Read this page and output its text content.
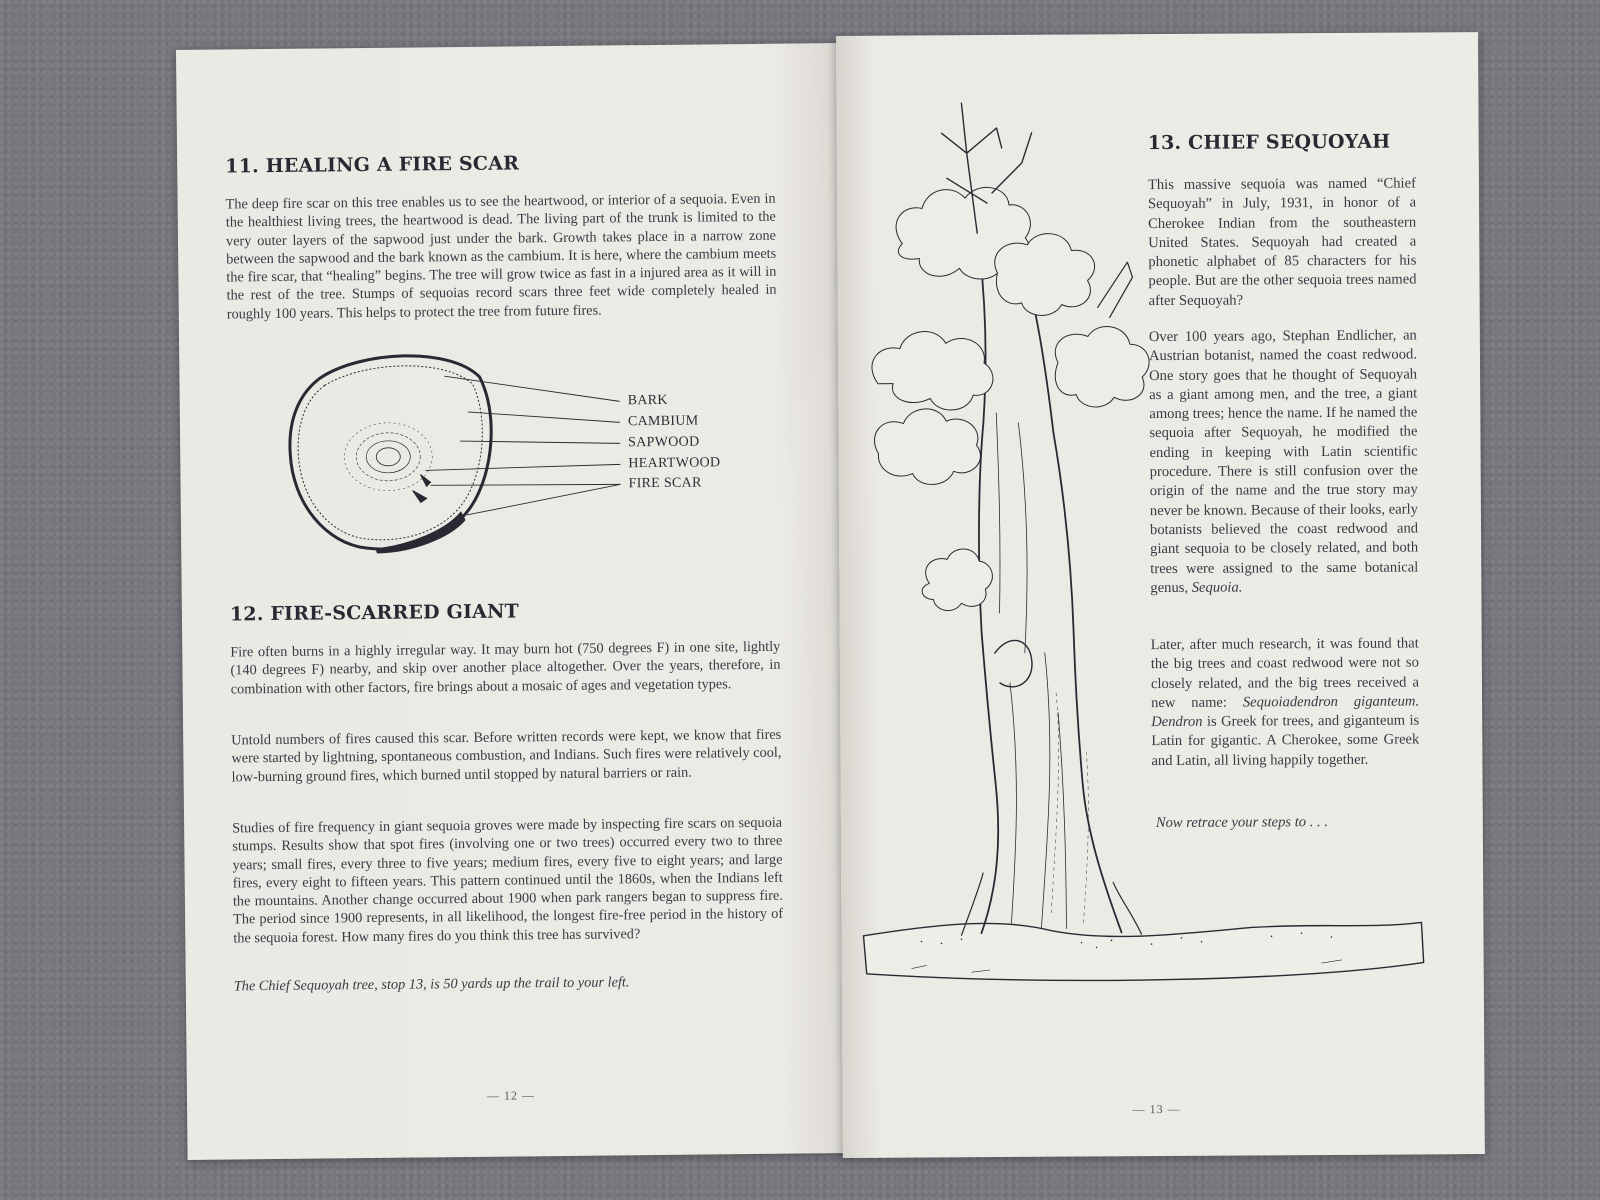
11. HEALING A FIRE SCAR

The deep fire scar on this tree enables us to see the heartwood, or interior of a sequoia. Even in the healthiest living trees, the heartwood is dead. The living part of the trunk is limited to the very outer layers of the sapwood just under the bark. Growth takes place in a narrow zone between the sapwood and the bark known as the cambium. It is here, where the cambium meets the fire scar, that “healing” begins. The tree will grow twice as fast in a injured area as it will in the rest of the tree. Stumps of sequoias record scars three feet wide completely healed in roughly 100 years. This helps to protect the tree from future fires.

BARK
CAMBIUM
SAPWOOD
HEARTWOOD
FIRE SCAR
12. FIRE-SCARRED GIANT

Fire often burns in a highly irregular way. It may burn hot (750 degrees F) in one site, lightly (140 degrees F) nearby, and skip over another place altogether. Over the years, therefore, in combination with other factors, fire brings about a mosaic of ages and vegetation types.

Untold numbers of fires caused this scar. Before written records were kept, we know that fires were started by lightning, spontaneous combustion, and Indians. Such fires were relatively cool, low-burning ground fires, which burned until stopped by natural barriers or rain.

Studies of fire frequency in giant sequoia groves were made by inspecting fire scars on sequoia stumps. Results show that spot fires (involving one or two trees) occurred every two to three years; small fires, every three to five years; medium fires, every five to eight years; and large fires, every eight to fifteen years. This pattern continued until the 1860s, when the Indians left the mountains. Another change occurred about 1900 when park rangers began to suppress fire. The period since 1900 represents, in all likelihood, the longest fire-free period in the history of the sequoia forest. How many fires do you think this tree has survived?

The Chief Sequoyah tree, stop 13, is 50 yards up the trail to your left.

— 12 —
13. CHIEF SEQUOYAH

This massive sequoia was named “Chief Sequoyah” in July, 1931, in honor of a Cherokee Indian from the southeastern United States. Sequoyah had created a phonetic alphabet of 85 characters for his people. But are the other sequoia trees named after Sequoyah?

Over 100 years ago, Stephan Endlicher, an Austrian botanist, named the coast redwood. One story goes that he thought of Sequoyah as a giant among men, and the tree, a giant among trees; hence the name. If he named the sequoia after Sequoyah, he modified the ending in keeping with Latin scientific procedure. There is still confusion over the origin of the name and the true story may never be known. Because of their looks, early botanists believed the coast redwood and giant sequoia to be closely related, and both trees were assigned to the same botanical genus, Sequoia.

Later, after much research, it was found that the big trees and coast redwood were not so closely related, and the big trees received a new name: Sequoiadendron giganteum. Dendron is Greek for trees, and giganteum is Latin for gigantic. A Cherokee, some Greek and Latin, all living happily together.

Now retrace your steps to . . .

— 13 —
